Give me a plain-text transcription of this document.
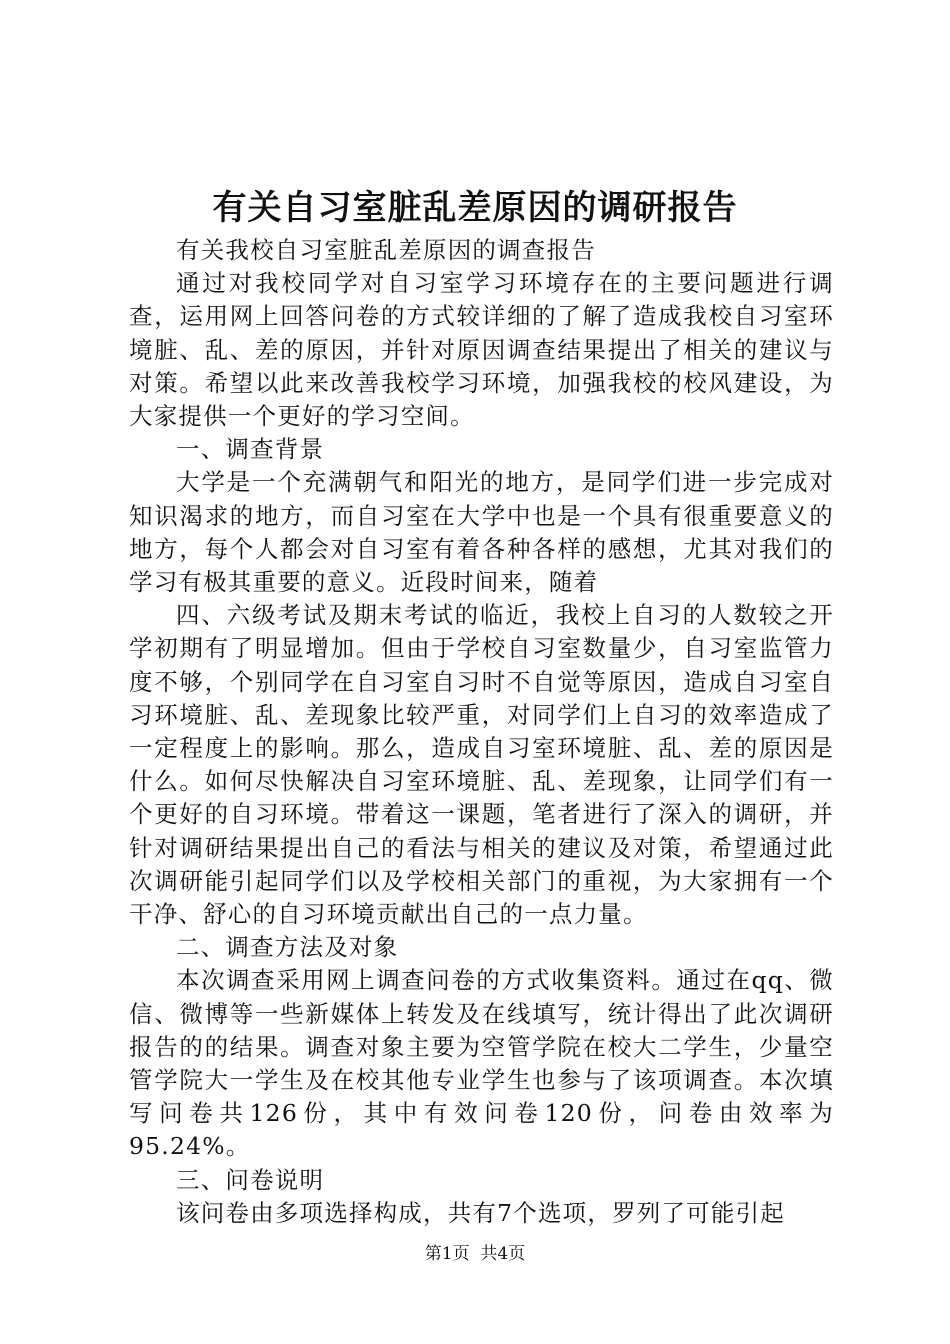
有关自习室脏乱差原因的调研报告

有关我校自习室脏乱差原因的调查报告

通过对我校同学对自习室学习环境存在的主要问题进行调查，运用网上回答问卷的方式较详细的了解了造成我校自习室环境脏、乱、差的原因，并针对原因调查结果提出了相关的建议与对策。希望以此来改善我校学习环境，加强我校的校风建设，为大家提供一个更好的学习空间。

一、调查背景

大学是一个充满朝气和阳光的地方，是同学们进一步完成对知识渴求的地方，而自习室在大学中也是一个具有很重要意义的地方，每个人都会对自习室有着各种各样的感想，尤其对我们的学习有极其重要的意义。近段时间来，随着

四、六级考试及期末考试的临近，我校上自习的人数较之开学初期有了明显增加。但由于学校自习室数量少，自习室监管力度不够，个别同学在自习室自习时不自觉等原因，造成自习室自习环境脏、乱、差现象比较严重，对同学们上自习的效率造成了一定程度上的影响。那么，造成自习室环境脏、乱、差的原因是什么。如何尽快解决自习室环境脏、乱、差现象，让同学们有一个更好的自习环境。带着这一课题，笔者进行了深入的调研，并针对调研结果提出自己的看法与相关的建议及对策，希望通过此次调研能引起同学们以及学校相关部门的重视，为大家拥有一个干净、舒心的自习环境贡献出自己的一点力量。

二、调查方法及对象

本次调查采用网上调查问卷的方式收集资料。通过在qq、微信、微博等一些新媒体上转发及在线填写，统计得出了此次调研报告的的结果。调查对象主要为空管学院在校大二学生，少量空管学院大一学生及在校其他专业学生也参与了该项调查。本次填写问卷共126份，其中有效问卷120份，问卷由效率为95.24%。

三、问卷说明

该问卷由多项选择构成，共有7个选项，罗列了可能引起

第1页 共4页
